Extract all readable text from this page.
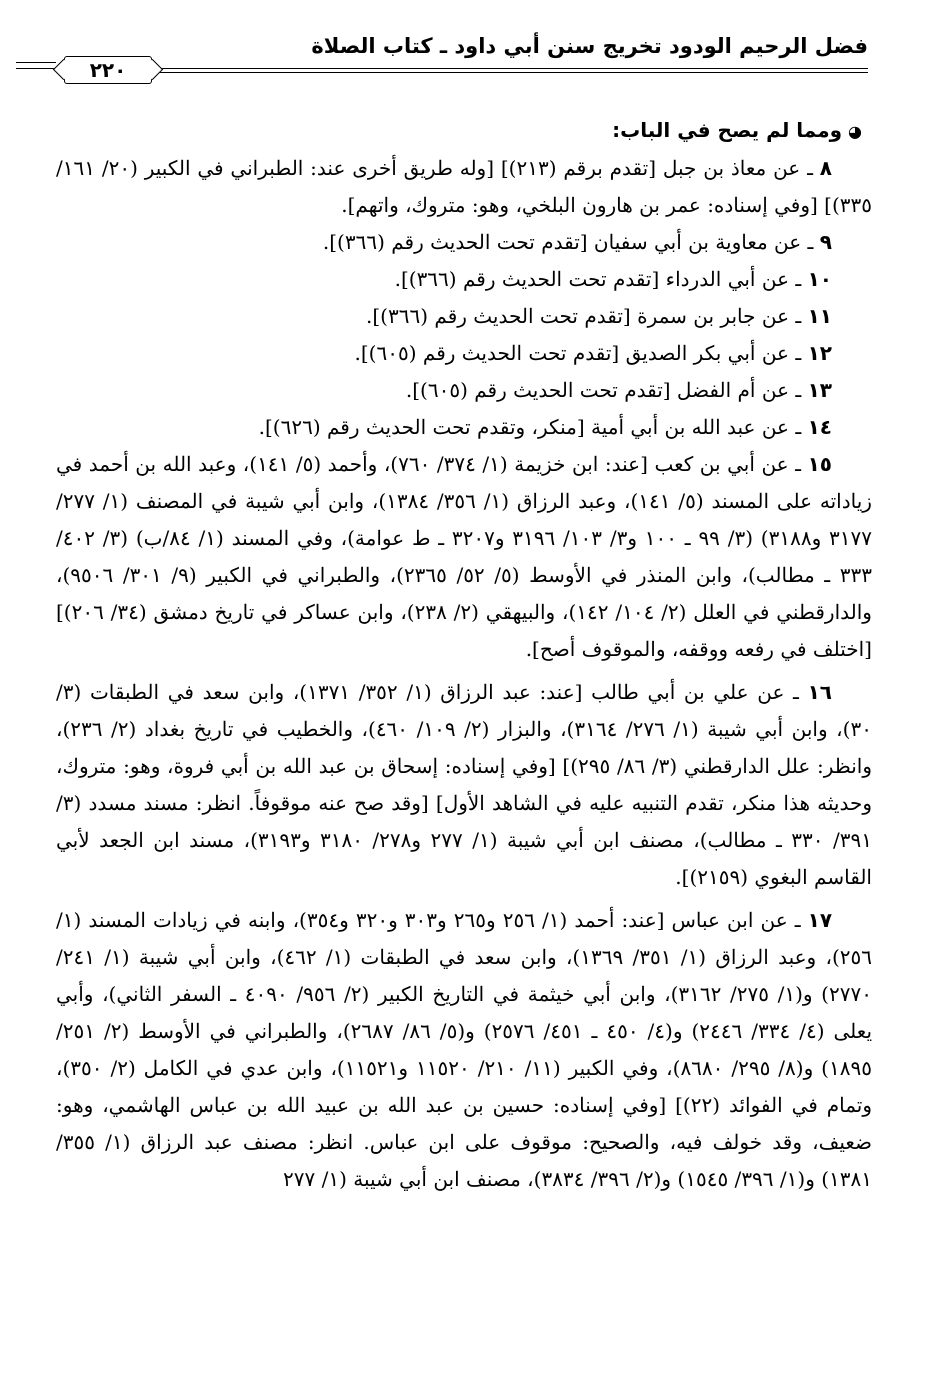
فضل الرحيم الودود تخريج سنن أبي داود ـ كتاب الصلاة
٢٢٠
◕ومما لم يصح في الباب:

٨ ـ عن معاذ بن جبل [تقدم برقم (٢١٣)] [وله طريق أخرى عند: الطبراني في الكبير (٢٠/ ١٦١/ ٣٣٥)] [وفي إسناده: عمر بن هارون البلخي، وهو: متروك، واتهم].

٩ ـ عن معاوية بن أبي سفيان [تقدم تحت الحديث رقم (٣٦٦)].

١٠ ـ عن أبي الدرداء [تقدم تحت الحديث رقم (٣٦٦)].

١١ ـ عن جابر بن سمرة [تقدم تحت الحديث رقم (٣٦٦)].

١٢ ـ عن أبي بكر الصديق [تقدم تحت الحديث رقم (٦٠٥)].

١٣ ـ عن أم الفضل [تقدم تحت الحديث رقم (٦٠٥)].

١٤ ـ عن عبد الله بن أبي أمية [منكر، وتقدم تحت الحديث رقم (٦٢٦)].

١٥ ـ عن أبي بن كعب [عند: ابن خزيمة (١/ ٣٧٤/ ٧٦٠)، وأحمد (٥/ ١٤١)، وعبد الله بن أحمد في زياداته على المسند (٥/ ١٤١)، وعبد الرزاق (١/ ٣٥٦/ ١٣٨٤)، وابن أبي شيبة في المصنف (١/ ٢٧٧/ ٣١٧٧ و٣١٨٨) (٣/ ٩٩ ـ ١٠٠ و٣/ ١٠٣/ ٣١٩٦ و٣٢٠٧ ـ ط عوامة)، وفي المسند (١/ ٨٤/ب) (٣/ ٤٠٢/ ٣٣٣ ـ مطالب)، وابن المنذر في الأوسط (٥/ ٥٢/ ٢٣٦٥)، والطبراني في الكبير (٩/ ٣٠١/ ٩٥٠٦)، والدارقطني في العلل (٢/ ١٠٤/ ١٤٢)، والبيهقي (٢/ ٢٣٨)، وابن عساكر في تاريخ دمشق (٣٤/ ٢٠٦)] [اختلف في رفعه ووقفه، والموقوف أصح].

١٦ ـ عن علي بن أبي طالب [عند: عبد الرزاق (١/ ٣٥٢/ ١٣٧١)، وابن سعد في الطبقات (٣/ ٣٠)، وابن أبي شيبة (١/ ٢٧٦/ ٣١٦٤)، والبزار (٢/ ١٠٩/ ٤٦٠)، والخطيب في تاريخ بغداد (٢/ ٢٣٦)، وانظر: علل الدارقطني (٣/ ٨٦/ ٢٩٥)] [وفي إسناده: إسحاق بن عبد الله بن أبي فروة، وهو: متروك، وحديثه هذا منكر، تقدم التنبيه عليه في الشاهد الأول] [وقد صح عنه موقوفاً. انظر: مسند مسدد (٣/ ٣٩١/ ٣٣٠ ـ مطالب)، مصنف ابن أبي شيبة (١/ ٢٧٧ و٢٧٨/ ٣١٨٠ و٣١٩٣)، مسند ابن الجعد لأبي القاسم البغوي (٢١٥٩)].

١٧ ـ عن ابن عباس [عند: أحمد (١/ ٢٥٦ و٢٦٥ و٣٠٣ و٣٢٠ و٣٥٤)، وابنه في زيادات المسند (١/ ٢٥٦)، وعبد الرزاق (١/ ٣٥١/ ١٣٦٩)، وابن سعد في الطبقات (١/ ٤٦٢)، وابن أبي شيبة (١/ ٢٤١/ ٢٧٧٠) و(١/ ٢٧٥/ ٣١٦٢)، وابن أبي خيثمة في التاريخ الكبير (٢/ ٩٥٦/ ٤٠٩٠ ـ السفر الثاني)، وأبي يعلى (٤/ ٣٣٤/ ٢٤٤٦) و(٤/ ٤٥٠ ـ ٤٥١/ ٢٥٧٦) و(٥/ ٨٦/ ٢٦٨٧)، والطبراني في الأوسط (٢/ ٢٥١/ ١٨٩٥) و(٨/ ٢٩٥/ ٨٦٨٠)، وفي الكبير (١١/ ٢١٠/ ١١٥٢٠ و١١٥٢١)، وابن عدي في الكامل (٢/ ٣٥٠)، وتمام في الفوائد (٢٢)] [وفي إسناده: حسين بن عبد الله بن عبيد الله بن عباس الهاشمي، وهو: ضعيف، وقد خولف فيه، والصحيح: موقوف على ابن عباس. انظر: مصنف عبد الرزاق (١/ ٣٥٥/ ١٣٨١) و(١/ ٣٩٦/ ١٥٤٥) و(٢/ ٣٩٦/ ٣٨٣٤)، مصنف ابن أبي شيبة (١/ ٢٧٧
